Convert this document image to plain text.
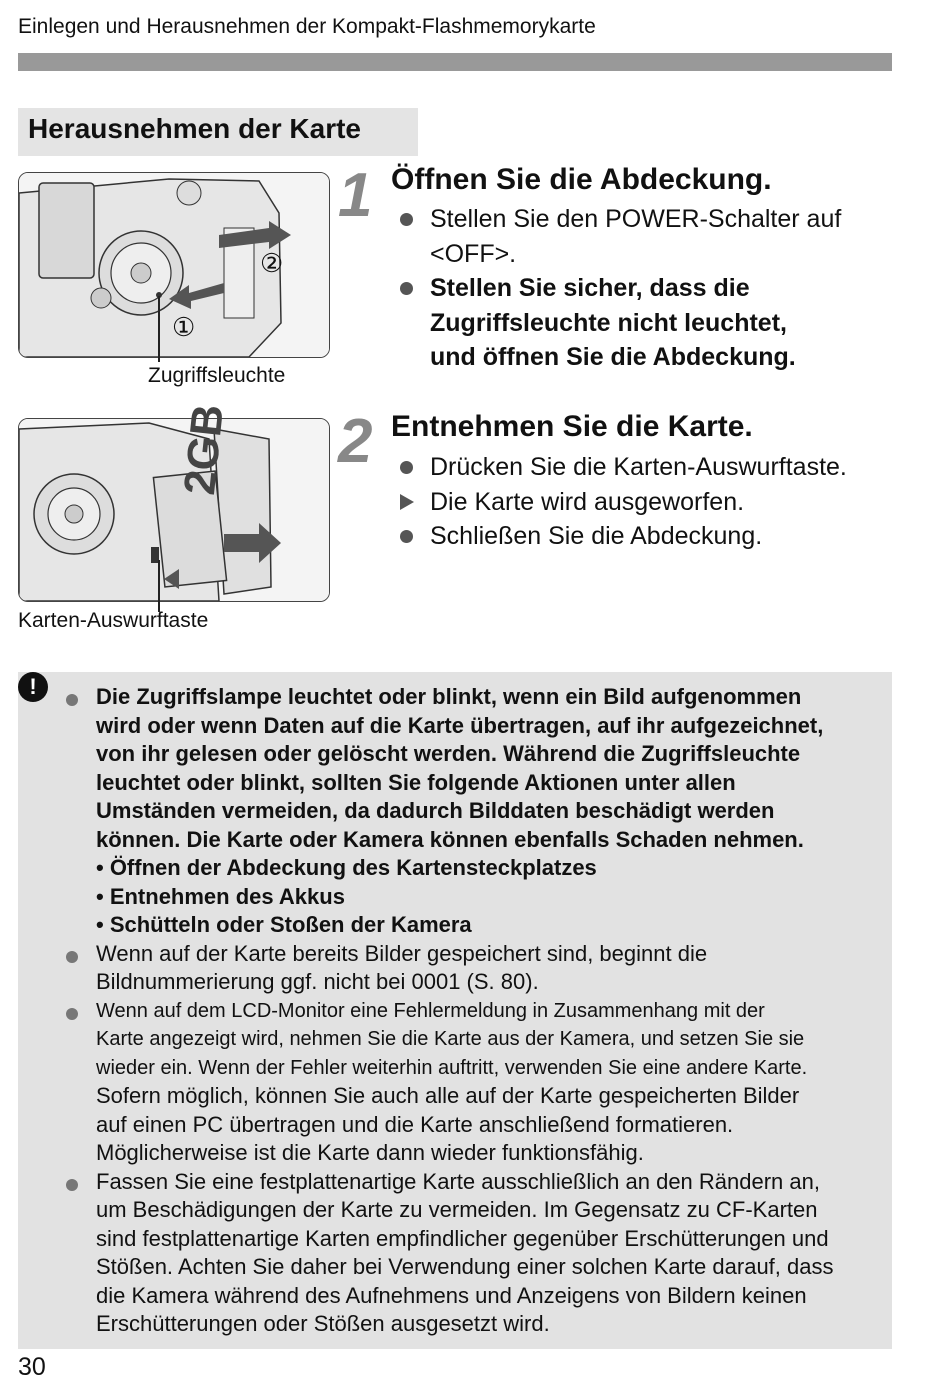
Einlegen und Herausnehmen der Kompakt-Flashmemorykarte
Herausnehmen der Karte
②
①
Zugriffsleuchte
2GB
Karten-Auswurftaste
1 Öffnen Sie die Abdeckung.
Stellen Sie den POWER-Schalter auf
<OFF>.
Stellen Sie sicher, dass die
Zugriffsleuchte nicht leuchtet,
und öffnen Sie die Abdeckung.
2 Entnehmen Sie die Karte.
Drücken Sie die Karten-Auswurftaste.
Die Karte wird ausgeworfen.
Schließen Sie die Abdeckung.
!	Die Zugriffslampe leuchtet oder blinkt, wenn ein Bild aufgenommen
wird oder wenn Daten auf die Karte übertragen, auf ihr aufgezeichnet,
von ihr gelesen oder gelöscht werden. Während die Zugriffsleuchte
leuchtet oder blinkt, sollten Sie folgende Aktionen unter allen
Umständen vermeiden, da dadurch Bilddaten beschädigt werden
können. Die Karte oder Kamera können ebenfalls Schaden nehmen.
• Öffnen der Abdeckung des Kartensteckplatzes
• Entnehmen des Akkus
• Schütteln oder Stoßen der Kamera
Wenn auf der Karte bereits Bilder gespeichert sind, beginnt die
Bildnummerierung ggf. nicht bei 0001 (S. 80).
Wenn auf dem LCD-Monitor eine Fehlermeldung in Zusammenhang mit der
Karte angezeigt wird, nehmen Sie die Karte aus der Kamera, und setzen Sie sie
wieder ein. Wenn der Fehler weiterhin auftritt, verwenden Sie eine andere Karte.
Sofern möglich, können Sie auch alle auf der Karte gespeicherten Bilder
auf einen PC übertragen und die Karte anschließend formatieren.
Möglicherweise ist die Karte dann wieder funktionsfähig.
Fassen Sie eine festplattenartige Karte ausschließlich an den Rändern an,
um Beschädigungen der Karte zu vermeiden. Im Gegensatz zu CF-Karten
sind festplattenartige Karten empfindlicher gegenüber Erschütterungen und
Stößen. Achten Sie daher bei Verwendung einer solchen Karte darauf, dass
die Kamera während des Aufnehmens und Anzeigens von Bildern keinen
Erschütterungen oder Stößen ausgesetzt wird.
30
